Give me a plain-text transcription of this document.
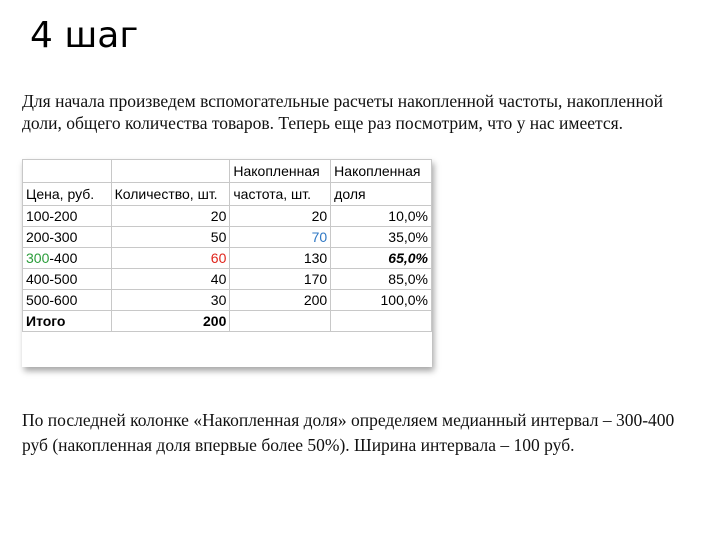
4 шаг
Для начала произведем вспомогательные расчеты накопленной частоты, накопленной
доли, общего количества товаров. Теперь еще раз посмотрим, что у нас имеется.
		Накопленная	Накопленная
Цена, руб.	Количество, шт.	частота, шт.	доля
100-200	20	20	10,0%
200-300	50	70	35,0%
300-400	60	130	65,0%
400-500	40	170	85,0%
500-600	30	200	100,0%
Итого	200		
По последней колонке «Накопленная доля» определяем медианный интервал – 300-400
руб (накопленная доля впервые более 50%). Ширина интервала – 100 руб.
